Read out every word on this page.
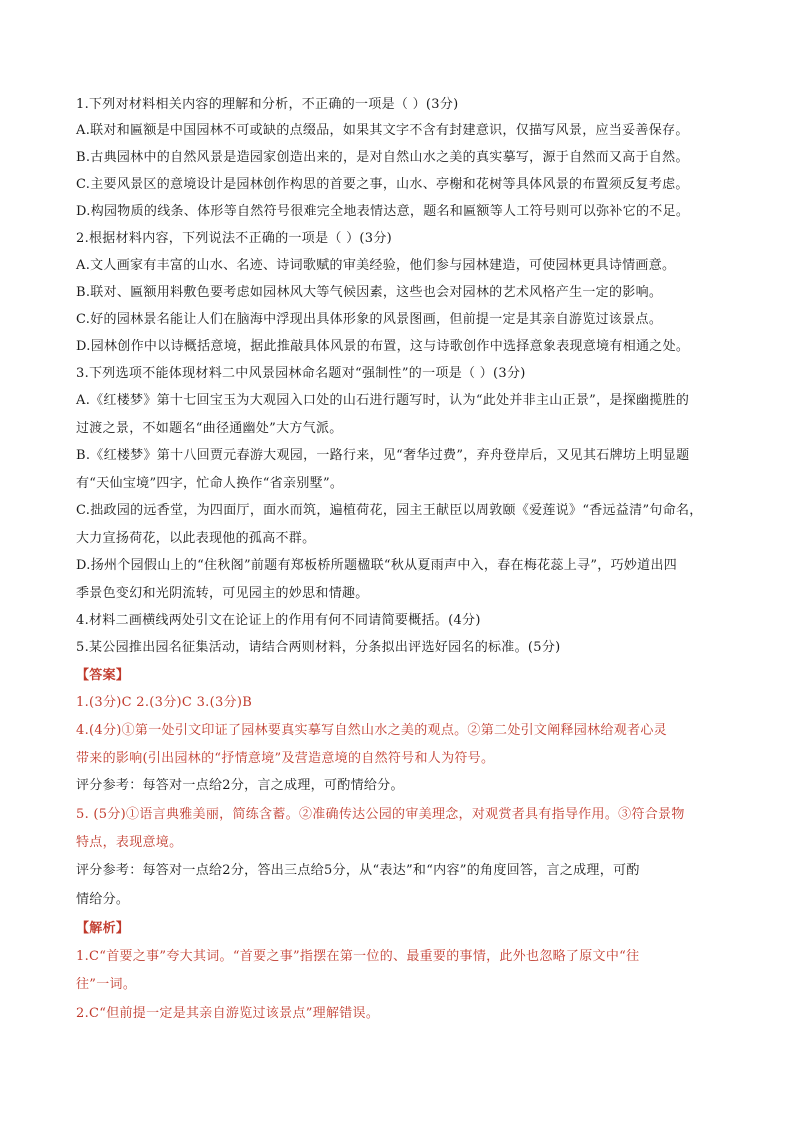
1.下列对材料相关内容的理解和分析，不正确的一项是（ ）(3分)
A.联对和匾额是中国园林不可或缺的点缀品，如果其文字不含有封建意识，仅描写风景，应当妥善保存。
B.古典园林中的自然风景是造园家创造出来的，是对自然山水之美的真实摹写，源于自然而又高于自然。
C.主要风景区的意境设计是园林创作构思的首要之事，山水、亭榭和花树等具体风景的布置须反复考虑。
D.构园物质的线条、体形等自然符号很难完全地表情达意，题名和匾额等人工符号则可以弥补它的不足。
2.根据材料内容，下列说法不正确的一项是（ ）(3分)
A.文人画家有丰富的山水、名迹、诗词歌赋的审美经验，他们参与园林建造，可使园林更具诗情画意。
B.联对、匾额用料敷色要考虑如园林风大等气候因素，这些也会对园林的艺术风格产生一定的影响。
C.好的园林景名能让人们在脑海中浮现出具体形象的风景图画，但前提一定是其亲自游览过该景点。
D.园林创作中以诗概括意境，据此推敲具体风景的布置，这与诗歌创作中选择意象表现意境有相通之处。
3.下列选项不能体现材料二中风景园林命名题对“强制性”的一项是（ ）(3分)
A.《红楼梦》第十七回宝玉为大观园入口处的山石进行题写时，认为“此处并非主山正景”，是探幽揽胜的
过渡之景，不如题名“曲径通幽处”大方气派。
B.《红楼梦》第十八回贾元春游大观园，一路行来，见“奢华过费”，弃舟登岸后，又见其石牌坊上明显题
有“天仙宝境”四字，忙命人换作“省亲别墅”。
C.拙政园的远香堂，为四面厅，面水而筑，遍植荷花，园主王献臣以周敦颐《爱莲说》“香远益清”句命名，
大力宣扬荷花，以此表现他的孤高不群。
D.扬州个园假山上的“住秋阁”前题有郑板桥所题楹联“秋从夏雨声中入，春在梅花蕊上寻”，巧妙道出四
季景色变幻和光阴流转，可见园主的妙思和情趣。
4.材料二画横线两处引文在论证上的作用有何不同请简要概括。(4分)
5.某公园推出园名征集活动，请结合两则材料，分条拟出评选好园名的标准。(5分)
【答案】
1.(3分)C 2.(3分)C 3.(3分)B
4.(4分)①第一处引文印证了园林要真实摹写自然山水之美的观点。②第二处引文阐释园林给观者心灵
带来的影响(引出园林的“抒情意境”及营造意境的自然符号和人为符号。
评分参考：每答对一点给2分，言之成理，可酌情给分。
5. (5分)①语言典雅美丽，简练含蓄。②准确传达公园的审美理念，对观赏者具有指导作用。③符合景物
特点，表现意境。
评分参考：每答对一点给2分，答出三点给5分，从“表达”和“内容”的角度回答，言之成理，可酌
情给分。
【解析】
1.C“首要之事”夸大其词。“首要之事”指摆在第一位的、最重要的事情，此外也忽略了原文中“往
往”一词。
2.C“但前提一定是其亲自游览过该景点”理解错误。
